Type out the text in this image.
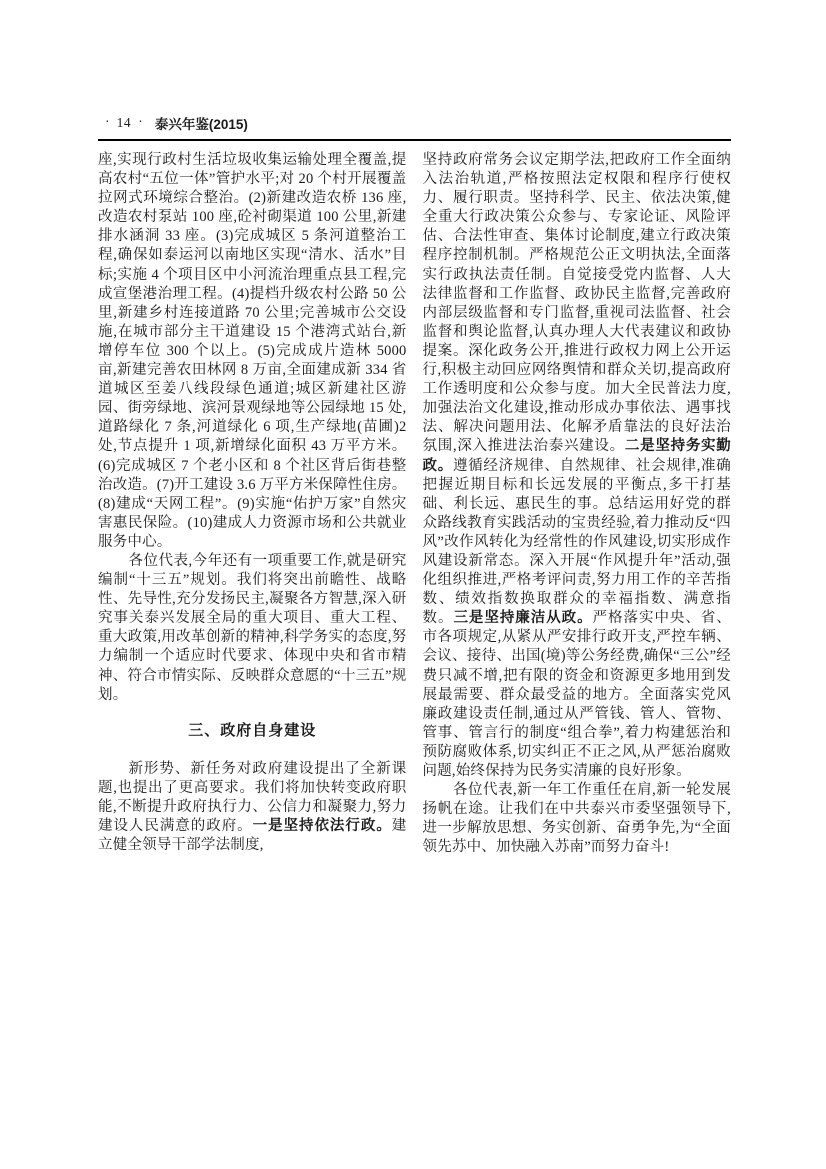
· 14 · 泰兴年鉴(2015)

座,实现行政村生活垃圾收集运输处理全覆盖,提高农村“五位一体”管护水平;对 20 个村开展覆盖拉网式环境综合整治。(2)新建改造农桥 136 座,改造农村泵站 100 座,砼衬砌渠道 100 公里,新建排水涵洞 33 座。(3)完成城区 5 条河道整治工程,确保如泰运河以南地区实现“清水、活水”目标;实施 4 个项目区中小河流治理重点县工程,完成宣堡港治理工程。(4)提档升级农村公路 50 公里,新建乡村连接道路 70 公里;完善城市公交设施,在城市部分主干道建设 15 个港湾式站台,新增停车位 300 个以上。(5)完成成片造林 5000 亩,新建完善农田林网 8 万亩,全面建成新 334 省道城区至姜八线段绿色通道;城区新建社区游园、街旁绿地、滨河景观绿地等公园绿地 15 处,道路绿化 7 条,河道绿化 6 项,生产绿地(苗圃)2 处,节点提升 1 项,新增绿化面积 43 万平方米。(6)完成城区 7 个老小区和 8 个社区背后街巷整治改造。(7)开工建设 3.6 万平方米保障性住房。(8)建成“天网工程”。(9)实施“佑护万家”自然灾害惠民保险。(10)建成人力资源市场和公共就业服务中心。

各位代表,今年还有一项重要工作,就是研究编制“十三五”规划。我们将突出前瞻性、战略性、先导性,充分发扬民主,凝聚各方智慧,深入研究事关泰兴发展全局的重大项目、重大工程、重大政策,用改革创新的精神,科学务实的态度,努力编制一个适应时代要求、体现中央和省市精神、符合市情实际、反映群众意愿的“十三五”规划。

三、政府自身建设

新形势、新任务对政府建设提出了全新课题,也提出了更高要求。我们将加快转变政府职能,不断提升政府执行力、公信力和凝聚力,努力建设人民满意的政府。一是坚持依法行政。建立健全领导干部学法制度,

坚持政府常务会议定期学法,把政府工作全面纳入法治轨道,严格按照法定权限和程序行使权力、履行职责。坚持科学、民主、依法决策,健全重大行政决策公众参与、专家论证、风险评估、合法性审查、集体讨论制度,建立行政决策程序控制机制。严格规范公正文明执法,全面落实行政执法责任制。自觉接受党内监督、人大法律监督和工作监督、政协民主监督,完善政府内部层级监督和专门监督,重视司法监督、社会监督和舆论监督,认真办理人大代表建议和政协提案。深化政务公开,推进行政权力网上公开运行,积极主动回应网络舆情和群众关切,提高政府工作透明度和公众参与度。加大全民普法力度,加强法治文化建设,推动形成办事依法、遇事找法、解决问题用法、化解矛盾靠法的良好法治氛围,深入推进法治泰兴建设。二是坚持务实勤政。遵循经济规律、自然规律、社会规律,准确把握近期目标和长远发展的平衡点,多干打基础、利长远、惠民生的事。总结运用好党的群众路线教育实践活动的宝贵经验,着力推动反“四风”改作风转化为经常性的作风建设,切实形成作风建设新常态。深入开展“作风提升年”活动,强化组织推进,严格考评问责,努力用工作的辛苦指数、绩效指数换取群众的幸福指数、满意指数。三是坚持廉洁从政。严格落实中央、省、市各项规定,从紧从严安排行政开支,严控车辆、会议、接待、出国(境)等公务经费,确保“三公”经费只减不增,把有限的资金和资源更多地用到发展最需要、群众最受益的地方。全面落实党风廉政建设责任制,通过从严管钱、管人、管物、管事、管言行的制度“组合拳”,着力构建惩治和预防腐败体系,切实纠正不正之风,从严惩治腐败问题,始终保持为民务实清廉的良好形象。

各位代表,新一年工作重任在肩,新一轮发展扬帆在途。让我们在中共泰兴市委坚强领导下,进一步解放思想、务实创新、奋勇争先,为“全面领先苏中、加快融入苏南”而努力奋斗!
